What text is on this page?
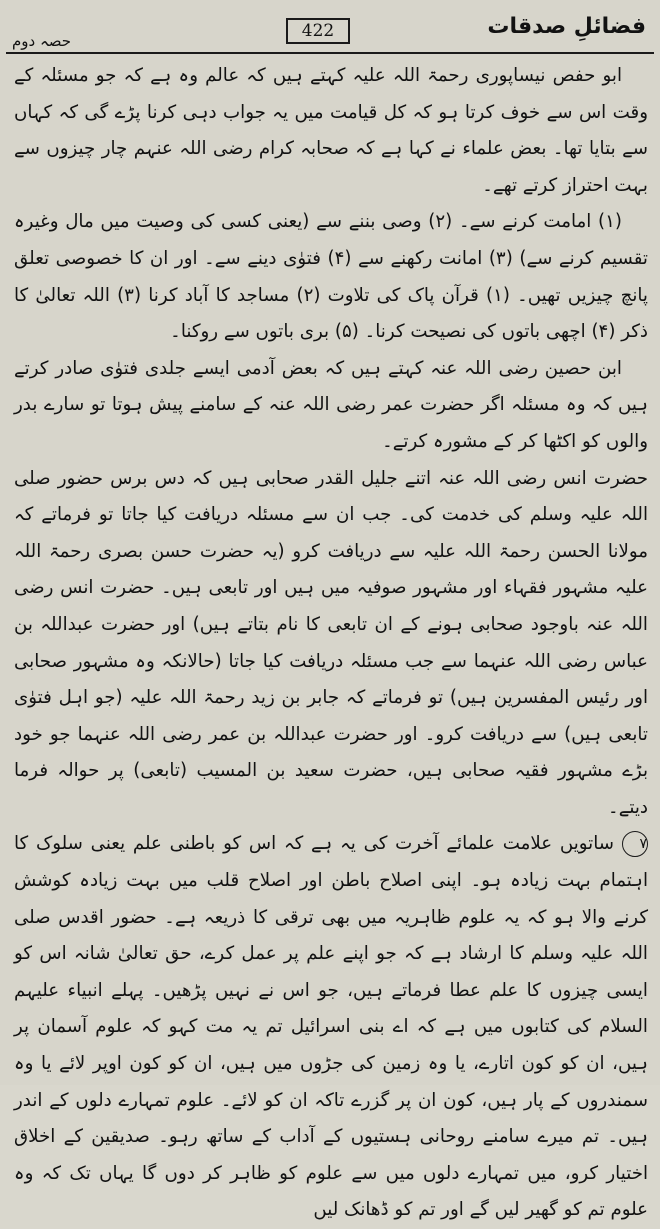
فضائلِ صدقات
422
حصہ دوم

ابو حفص نیساپوری رحمۃ اللہ علیہ کہتے ہیں کہ عالم وہ ہے کہ جو مسئلہ کے وقت اس سے خوف کرتا ہو کہ کل قیامت میں یہ جواب دہی کرنا پڑے گی کہ کہاں سے بتایا تھا۔ بعض علماء نے کہا ہے کہ صحابہ کرام رضی اللہ عنہم چار چیزوں سے بہت احتراز کرتے تھے۔

(۱) امامت کرنے سے۔ (۲) وصی بننے سے (یعنی کسی کی وصیت میں مال وغیرہ تقسیم کرنے سے) (۳) امانت رکھنے سے (۴) فتوٰی دینے سے۔ اور ان کا خصوصی تعلق پانچ چیزیں تھیں۔ (۱) قرآن پاک کی تلاوت (۲) مساجد کا آباد کرنا (۳) اللہ تعالیٰ کا ذکر (۴) اچھی باتوں کی نصیحت کرنا۔ (۵) بری باتوں سے روکنا۔

ابن حصین رضی اللہ عنہ کہتے ہیں کہ بعض آدمی ایسے جلدی فتوٰی صادر کرتے ہیں کہ وہ مسئلہ اگر حضرت عمر رضی اللہ عنہ کے سامنے پیش ہوتا تو سارے بدر والوں کو اکٹھا کر کے مشورہ کرتے۔

حضرت انس رضی اللہ عنہ اتنے جلیل القدر صحابی ہیں کہ دس برس حضور صلی اللہ علیہ وسلم کی خدمت کی۔ جب ان سے مسئلہ دریافت کیا جاتا تو فرماتے کہ مولانا الحسن رحمۃ اللہ علیہ سے دریافت کرو (یہ حضرت حسن بصری رحمۃ اللہ علیہ مشہور فقہاء اور مشہور صوفیہ میں ہیں اور تابعی ہیں۔ حضرت انس رضی اللہ عنہ باوجود صحابی ہونے کے ان تابعی کا نام بتاتے ہیں) اور حضرت عبداللہ بن عباس رضی اللہ عنہما سے جب مسئلہ دریافت کیا جاتا (حالانکہ وہ مشہور صحابی اور رئیس المفسرین ہیں) تو فرماتے کہ جابر بن زید رحمۃ اللہ علیہ (جو اہل فتوٰی تابعی ہیں) سے دریافت کرو۔ اور حضرت عبداللہ بن عمر رضی اللہ عنہما جو خود بڑے مشہور فقیہ صحابی ہیں، حضرت سعید بن المسیب (تابعی) پر حوالہ فرما دیتے۔

۷ساتویں علامت علمائے آخرت کی یہ ہے کہ اس کو باطنی علم یعنی سلوک کا اہتمام بہت زیادہ ہو۔ اپنی اصلاح باطن اور اصلاح قلب میں بہت زیادہ کوشش کرنے والا ہو کہ یہ علوم ظاہریہ میں بھی ترقی کا ذریعہ ہے۔ حضور اقدس صلی اللہ علیہ وسلم کا ارشاد ہے کہ جو اپنے علم پر عمل کرے، حق تعالیٰ شانہ اس کو ایسی چیزوں کا علم عطا فرماتے ہیں، جو اس نے نہیں پڑھیں۔ پہلے انبیاء علیہم السلام کی کتابوں میں ہے کہ اے بنی اسرائیل تم یہ مت کہو کہ علوم آسمان پر ہیں، ان کو کون اتارے، یا وہ زمین کی جڑوں میں ہیں، ان کو کون اوپر لائے یا وہ سمندروں کے پار ہیں، کون ان پر گزرے تاکہ ان کو لائے۔ علوم تمہارے دلوں کے اندر ہیں۔ تم میرے سامنے روحانی ہستیوں کے آداب کے ساتھ رہو۔ صدیقین کے اخلاق اختیار کرو، میں تمہارے دلوں میں سے علوم کو ظاہر کر دوں گا یہاں تک کہ وہ علوم تم کو گھیر لیں گے اور تم کو ڈھانک لیں
